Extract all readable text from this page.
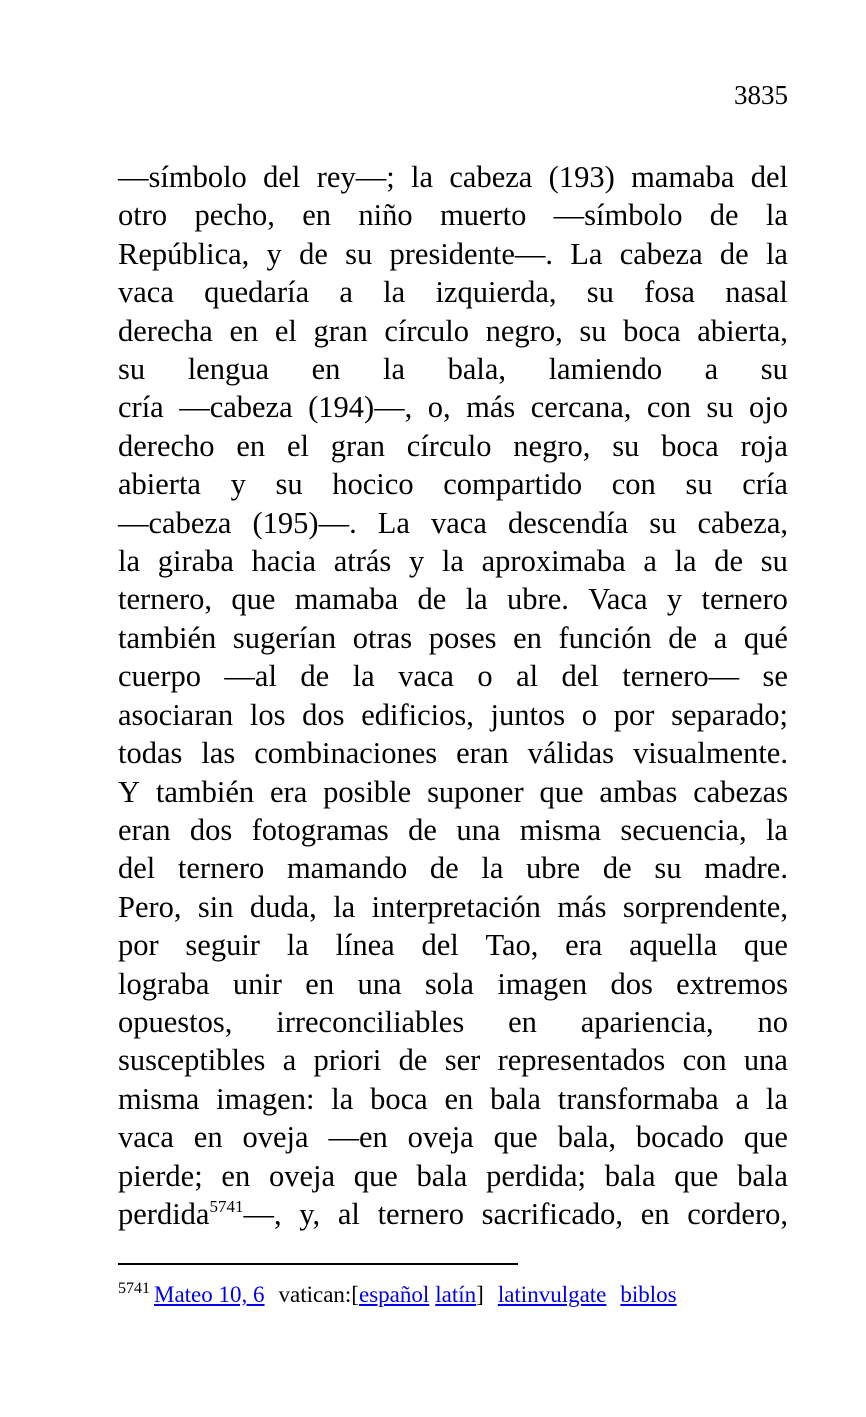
3835
—símbolo del rey—; la cabeza (193) mamaba del
otro pecho, en niño muerto —símbolo de la
República, y de su presidente—. La cabeza de la
vaca quedaría a la izquierda, su fosa nasal
derecha en el gran círculo negro, su boca abierta,
su lengua en la bala, lamiendo a su
cría —cabeza (194)—, o, más cercana, con su ojo
derecho en el gran círculo negro, su boca roja
abierta y su hocico compartido con su cría
—cabeza (195)—. La vaca descendía su cabeza,
la giraba hacia atrás y la aproximaba a la de su
ternero, que mamaba de la ubre. Vaca y ternero
también sugerían otras poses en función de a qué
cuerpo —al de la vaca o al del ternero— se
asociaran los dos edificios, juntos o por separado;
todas las combinaciones eran válidas visualmente.
Y también era posible suponer que ambas cabezas
eran dos fotogramas de una misma secuencia, la
del ternero mamando de la ubre de su madre.
Pero, sin duda, la interpretación más sorprendente,
por seguir la línea del Tao, era aquella que
lograba unir en una sola imagen dos extremos
opuestos, irreconciliables en apariencia, no
susceptibles a priori de ser representados con una
misma imagen: la boca en bala transformaba a la
vaca en oveja —en oveja que bala, bocado que
pierde; en oveja que bala perdida; bala que bala
perdida$^{5741}$—, y, al ternero sacrificado, en cordero,
$^{5741}$ Mateo 10, 6 vatican:[español latín] latinvulgate biblos
